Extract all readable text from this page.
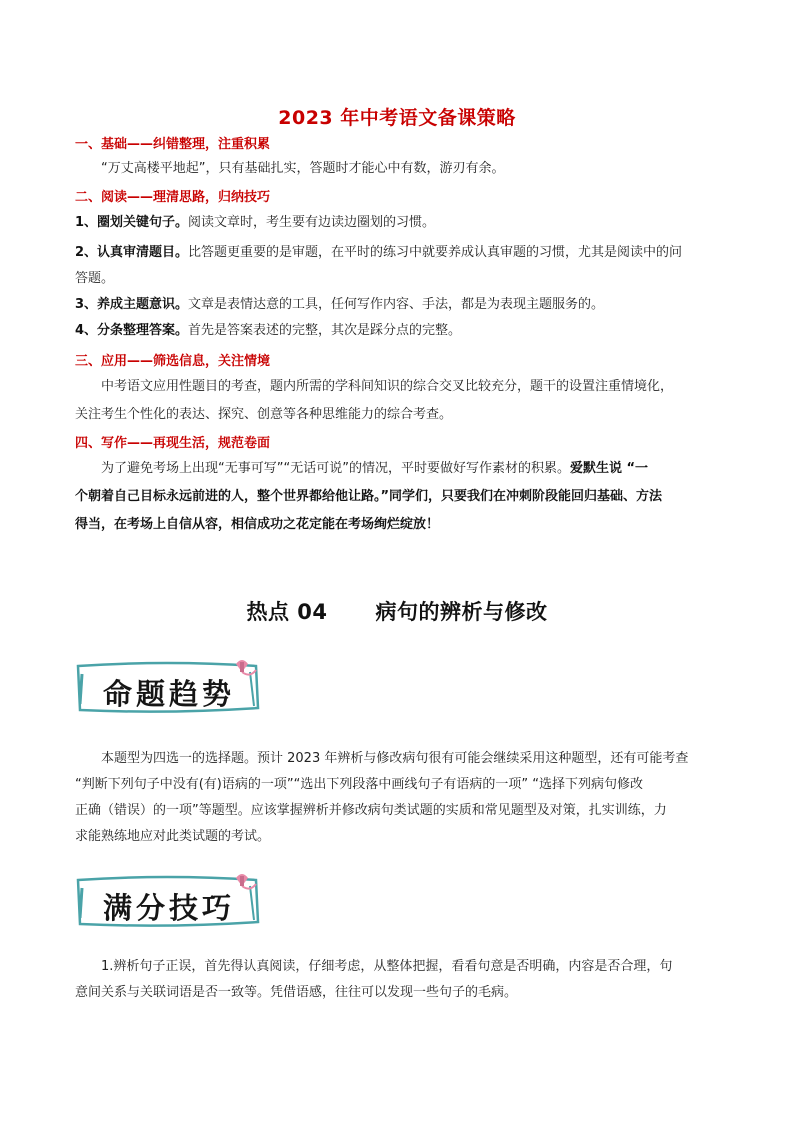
2023 年中考语文备课策略
一、基础——纠错整理，注重积累
“万丈高楼平地起”，只有基础扎实，答题时才能心中有数，游刃有余。
二、阅读——理清思路，归纳技巧
1、圈划关键句子。阅读文章时，考生要有边读边圈划的习惯。
2、认真审清题目。比答题更重要的是审题，在平时的练习中就要养成认真审题的习惯，尤其是阅读中的问
答题。
3、养成主题意识。文章是表情达意的工具，任何写作内容、手法，都是为表现主题服务的。
4、分条整理答案。首先是答案表述的完整，其次是踩分点的完整。
三、应用——筛选信息，关注情境
中考语文应用性题目的考查，题内所需的学科间知识的综合交叉比较充分，题干的设置注重情境化，
关注考生个性化的表达、探究、创意等各种思维能力的综合考查。
四、写作——再现生活，规范卷面
为了避免考场上出现“无事可写”“无话可说”的情况，平时要做好写作素材的积累。爱默生说 “一
个朝着自己目标永远前进的人，整个世界都给他让路。”同学们，只要我们在冲刺阶段能回归基础、方法
得当，在考场上自信从容，相信成功之花定能在考场绚烂绽放！
热点 04 病句的辨析与修改
命题趋势
本题型为四选一的选择题。预计 2023 年辨析与修改病句很有可能会继续采用这种题型，还有可能考查
“判断下列句子中没有(有)语病的一项”“选出下列段落中画线句子有语病的一项” “选择下列病句修改
正确（错误）的一项”等题型。应该掌握辨析并修改病句类试题的实质和常见题型及对策，扎实训练，力
求能熟练地应对此类试题的考试。
满分技巧
1.辨析句子正误，首先得认真阅读，仔细考虑，从整体把握，看看句意是否明确，内容是否合理，句
意间关系与关联词语是否一致等。凭借语感，往往可以发现一些句子的毛病。
